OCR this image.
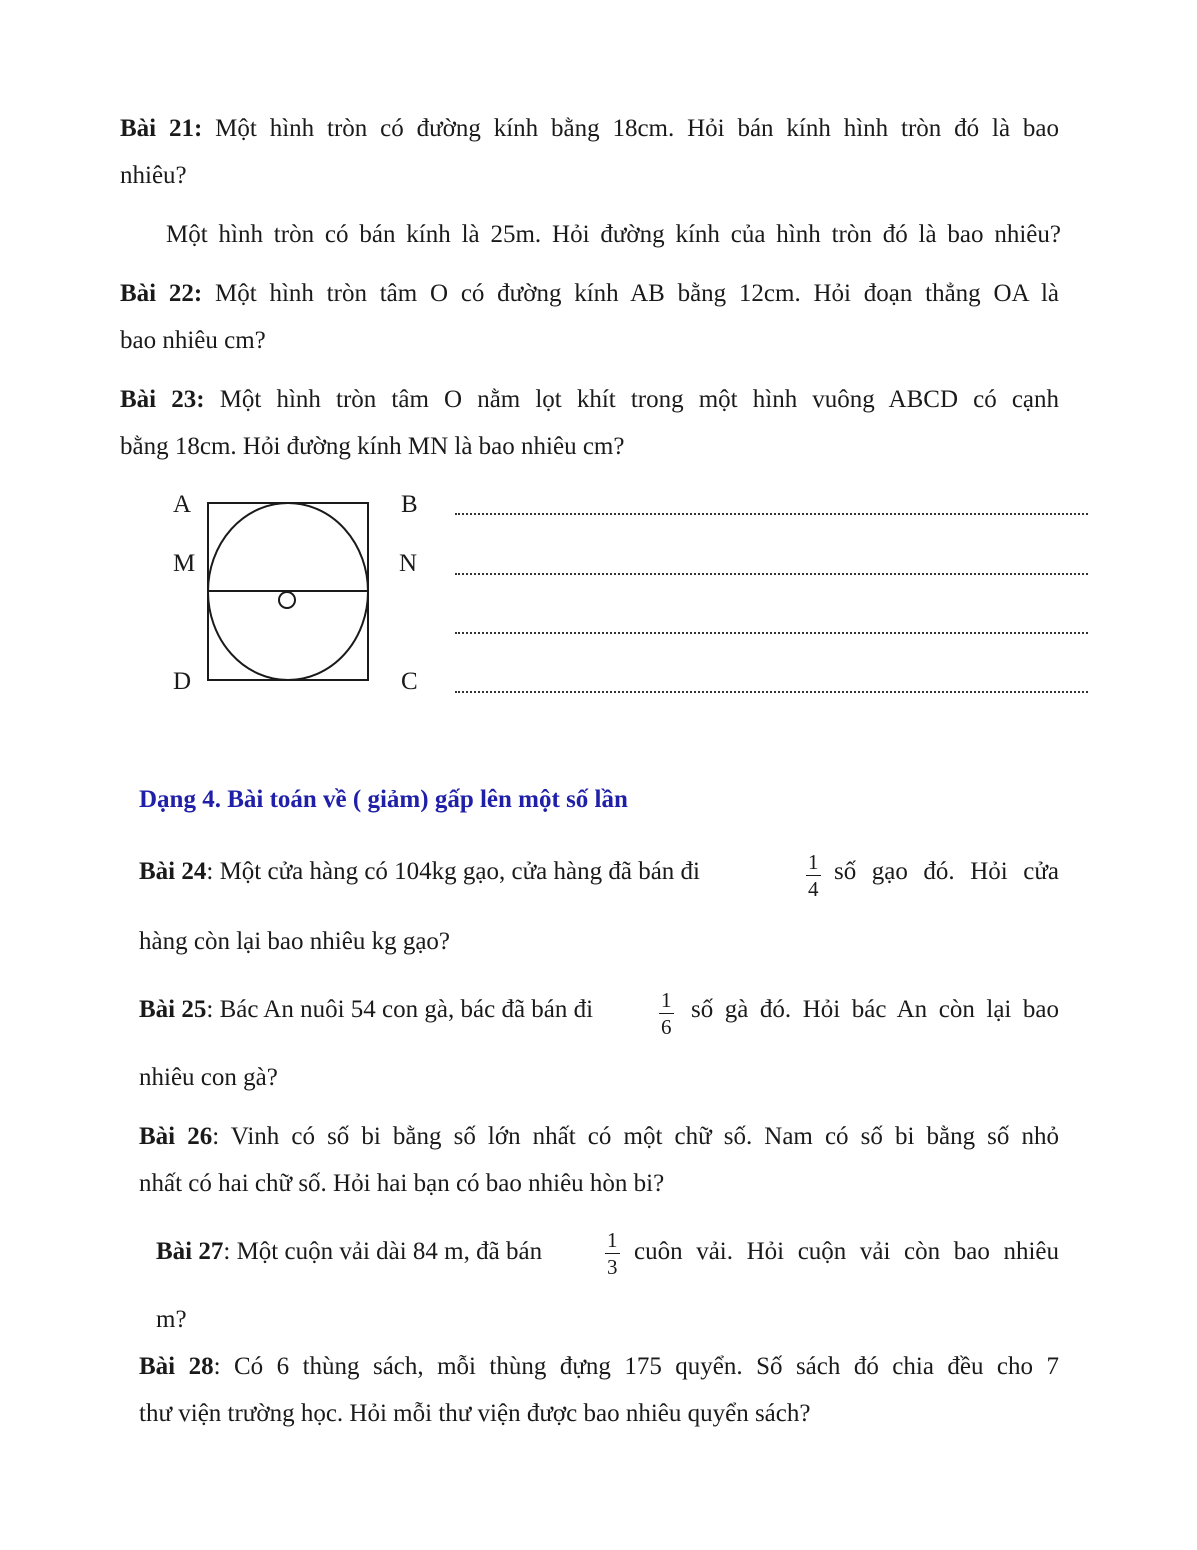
Bài 21: Một hình tròn có đường kính bằng 18cm. Hỏi bán kính hình tròn đó là bao
nhiêu?
Một hình tròn có bán kính là 25m. Hỏi đường kính của hình tròn đó là bao nhiêu?
Bài 22: Một hình tròn tâm O có đường kính AB bằng 12cm. Hỏi đoạn thẳng OA là
bao nhiêu cm?
Bài 23: Một hình tròn tâm O nằm lọt khít trong một hình vuông ABCD có cạnh
bằng 18cm. Hỏi đường kính MN là bao nhiêu cm?
A	B
M	N
D	C
Dạng 4. Bài toán về ( giảm) gấp lên một số lần
Bài 24: Một cửa hàng có 104kg gạo, cửa hàng đã bán đi	$\frac{1}{4}$ số gạo đó. Hỏi cửa
hàng còn lại bao nhiêu kg gạo?
Bài 25: Bác An nuôi 54 con gà, bác đã bán đi	$\frac{1}{6}$ số gà đó. Hỏi bác An còn lại bao
nhiêu con gà?
Bài 26: Vinh có số bi bằng số lớn nhất có một chữ số. Nam có số bi bằng số nhỏ
nhất có hai chữ số. Hỏi hai bạn có bao nhiêu hòn bi?
Bài 27: Một cuộn vải dài 84 m, đã bán	$\frac{1}{3}$ cuôn vải. Hỏi cuộn vải còn bao nhiêu
m?
Bài 28: Có 6 thùng sách, mỗi thùng đựng 175 quyển. Số sách đó chia đều cho 7
thư viện trường học. Hỏi mỗi thư viện được bao nhiêu quyển sách?
